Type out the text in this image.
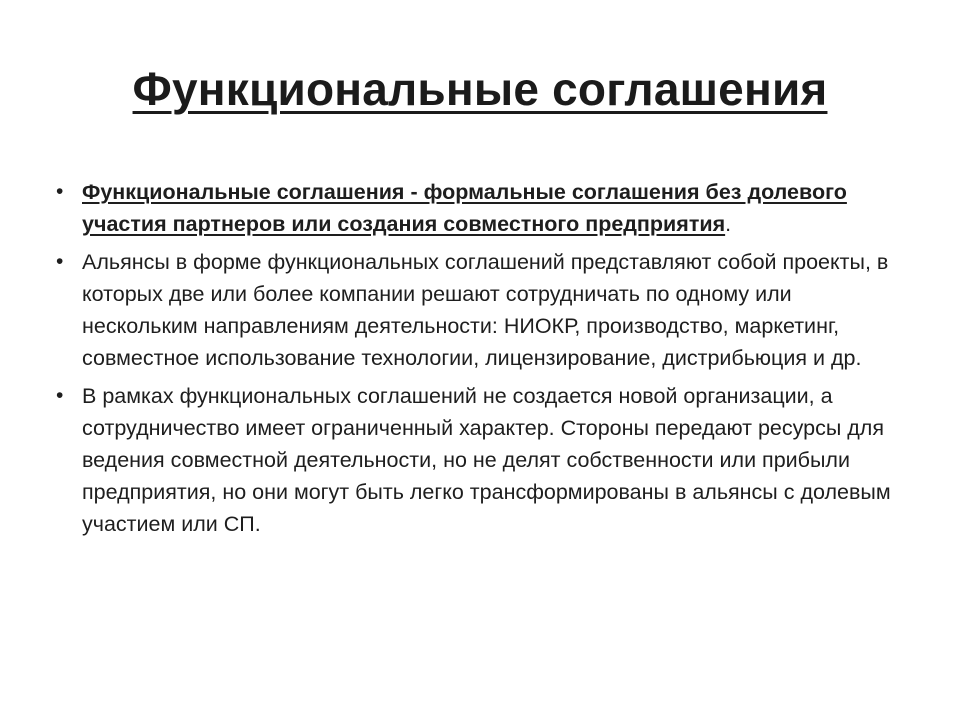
Функциональные соглашения
• Функциональные соглашения - формальные соглашения без долевого участия партнеров или создания совместного предприятия.
• Альянсы в форме функциональных соглашений представляют собой проекты, в которых две или более компании решают сотрудничать по одному или нескольким направлениям деятельности: НИОКР, производство, маркетинг, совместное использование технологии, лицензирование, дистрибьюция и др.
• В рамках функциональных соглашений не создается новой организации, а сотрудничество имеет ограниченный характер. Стороны передают ресурсы для ведения совместной деятельности, но не делят собственности или прибыли предприятия, но они могут быть легко трансформированы в альянсы с долевым участием или СП.
